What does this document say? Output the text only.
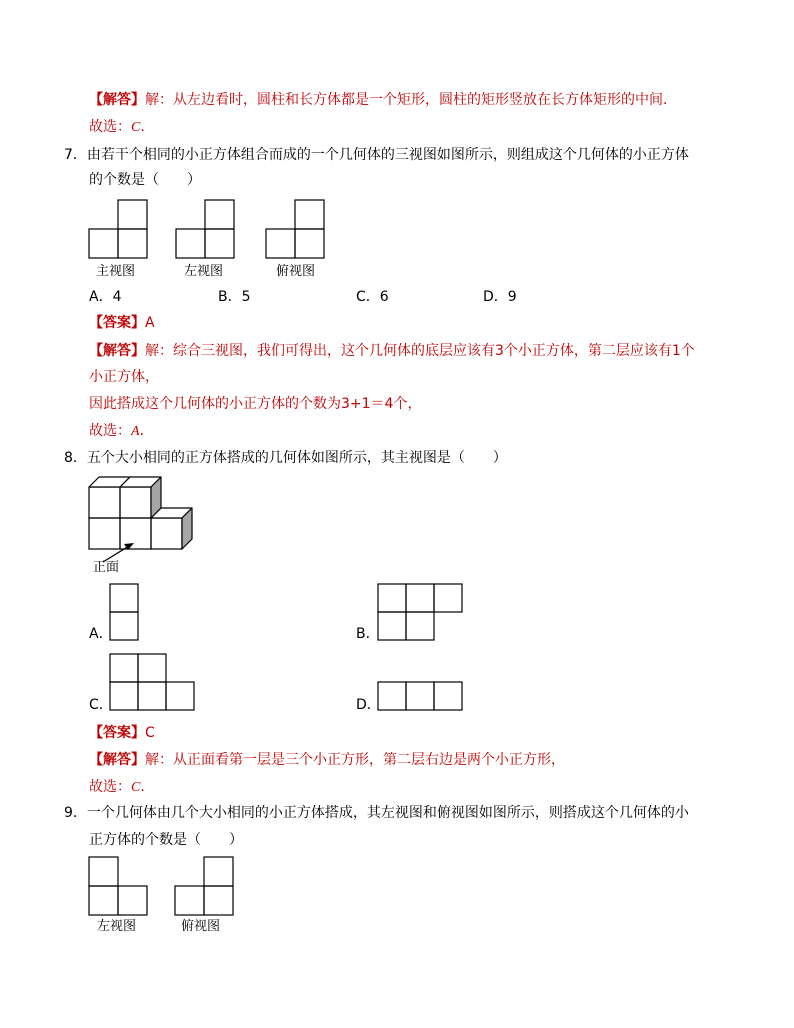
【解答】解：从左边看时，圆柱和长方体都是一个矩形，圆柱的矩形竖放在长方体矩形的中间．
故选：C．
7．由若干个相同的小正方体组合而成的一个几何体的三视图如图所示，则组成这个几何体的小正方体
的个数是（　　）
主视图	左视图	俯视图
A．4	B．5	C．6	D．9
【答案】A
【解答】解：综合三视图，我们可得出，这个几何体的底层应该有3个小正方体，第二层应该有1个
小正方体，
因此搭成这个几何体的小正方体的个数为3+1＝4个，
故选：A．
8．五个大小相同的正方体搭成的几何体如图所示，其主视图是（　　）
正面
A．	B．
C．	D．
【答案】C
【解答】解：从正面看第一层是三个小正方形，第二层右边是两个小正方形，
故选：C．
9．一个几何体由几个大小相同的小正方体搭成，其左视图和俯视图如图所示，则搭成这个几何体的小
正方体的个数是（　　）
左视图	俯视图
